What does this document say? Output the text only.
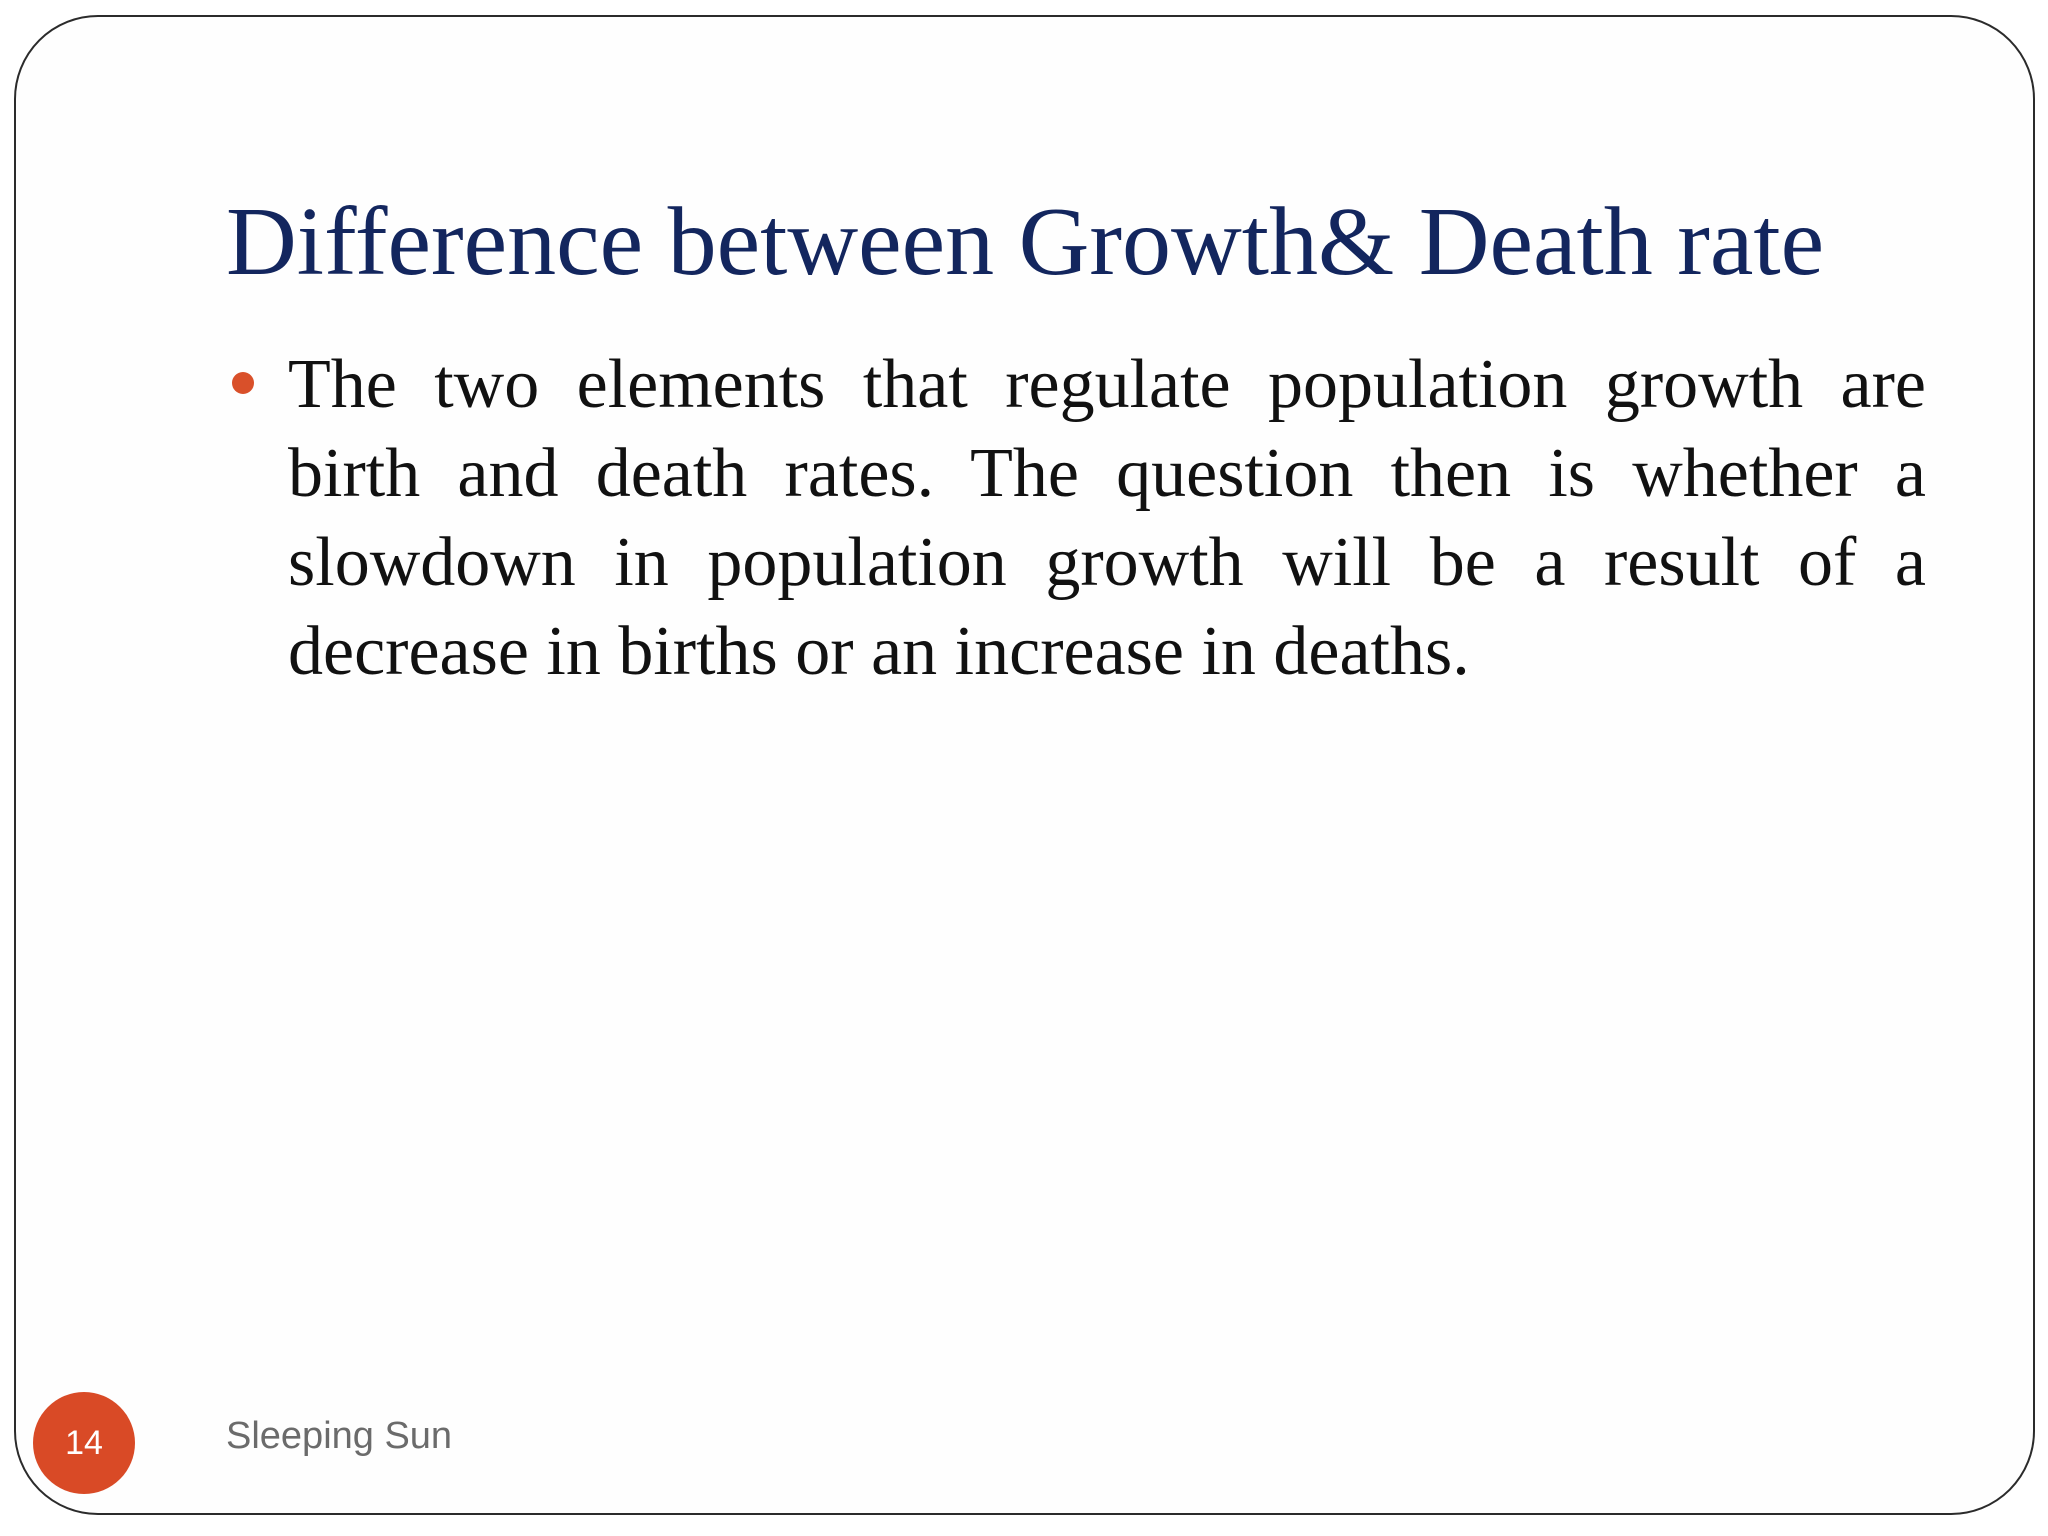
Difference between Growth& Death rate
The two elements that regulate population growth are birth and death rates. The question then is whether a slowdown in population growth will be a result of a decrease in births or an increase in deaths.
14	Sleeping Sun
